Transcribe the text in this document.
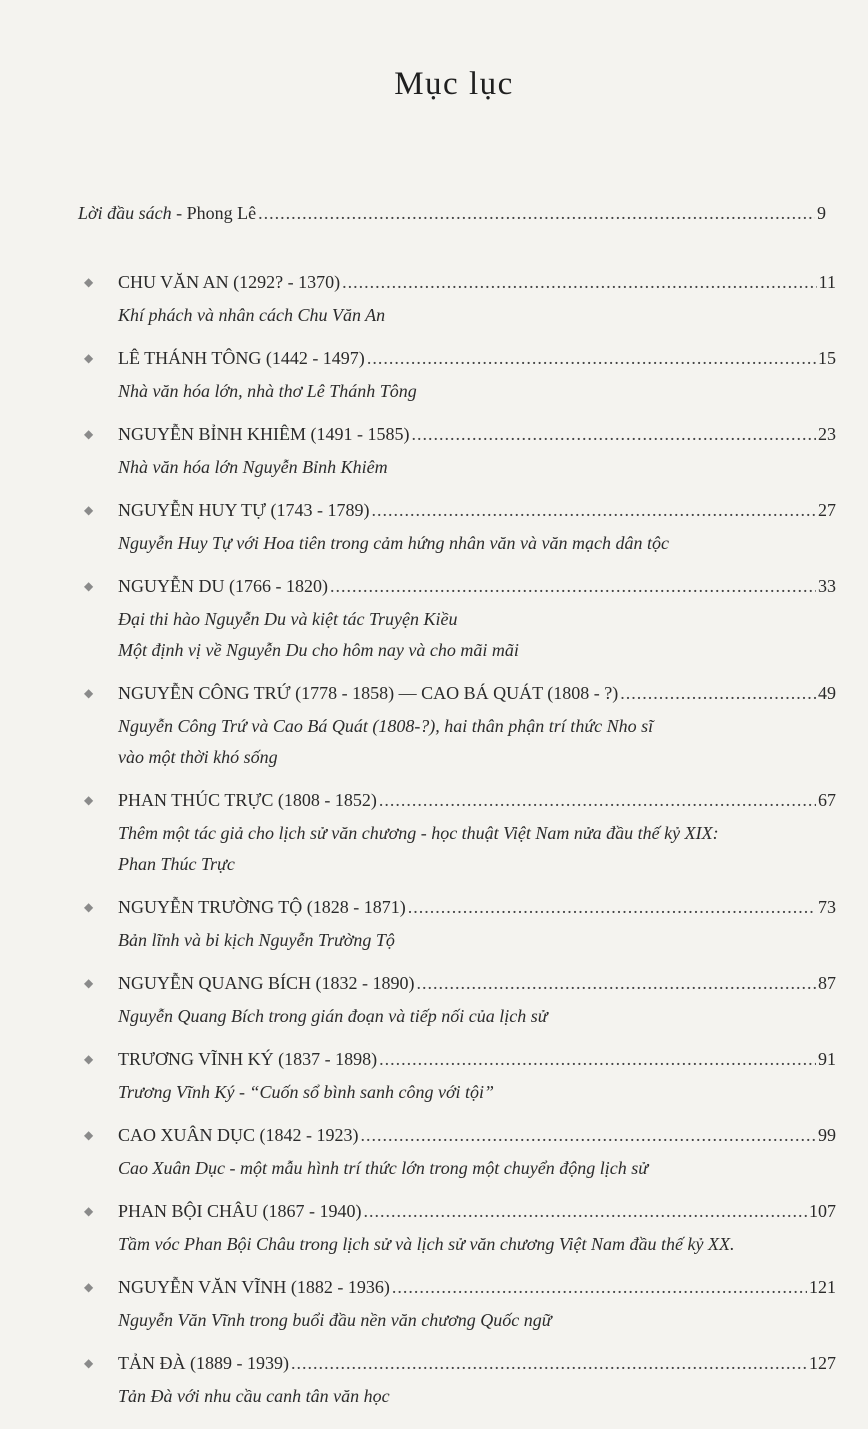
Mục lục
Lời đầu sách - Phong Lê .....	9
◆
CHU VĂN AN (1292? - 1370) .....	11
Khí phách và nhân cách Chu Văn An
◆
LÊ THÁNH TÔNG (1442 - 1497) .....	15
Nhà văn hóa lớn, nhà thơ Lê Thánh Tông
◆
NGUYỄN BỈNH KHIÊM (1491 - 1585) .....	23
Nhà văn hóa lớn Nguyễn Bỉnh Khiêm
◆
NGUYỄN HUY TỰ (1743 - 1789) .....	27
Nguyễn Huy Tự với Hoa tiên trong cảm hứng nhân văn và văn mạch dân tộc
◆
NGUYỄN DU (1766 - 1820) .....	33
Đại thi hào Nguyễn Du và kiệt tác Truyện Kiều
Một định vị về Nguyễn Du cho hôm nay và cho mãi mãi
◆
NGUYỄN CÔNG TRỨ (1778 - 1858) — CAO BÁ QUÁT (1808 - ?) .....	49
Nguyễn Công Trứ và Cao Bá Quát (1808-?), hai thân phận trí thức Nho sĩ
vào một thời khó sống
◆
PHAN THÚC TRỰC (1808 - 1852) .....	67
Thêm một tác giả cho lịch sử văn chương - học thuật Việt Nam nửa đầu thế kỷ XIX:
Phan Thúc Trực
◆
NGUYỄN TRƯỜNG TỘ (1828 - 1871) .....	73
Bản lĩnh và bi kịch Nguyễn Trường Tộ
◆
NGUYỄN QUANG BÍCH (1832 - 1890) .....	87
Nguyễn Quang Bích trong gián đoạn và tiếp nối của lịch sử
◆
TRƯƠNG VĨNH KÝ (1837 - 1898) .....	91
Trương Vĩnh Ký - “Cuốn sổ bình sanh công với tội”
◆
CAO XUÂN DỤC (1842 - 1923) .....	99
Cao Xuân Dục - một mẫu hình trí thức lớn trong một chuyển động lịch sử
◆
PHAN BỘI CHÂU (1867 - 1940) .....	107
Tầm vóc Phan Bội Châu trong lịch sử và lịch sử văn chương Việt Nam đầu thế kỷ XX.
◆
NGUYỄN VĂN VĨNH (1882 - 1936) .....	121
Nguyễn Văn Vĩnh trong buổi đầu nền văn chương Quốc ngữ
◆
TẢN ĐÀ (1889 - 1939) .....	127
Tản Đà với nhu cầu canh tân văn học
